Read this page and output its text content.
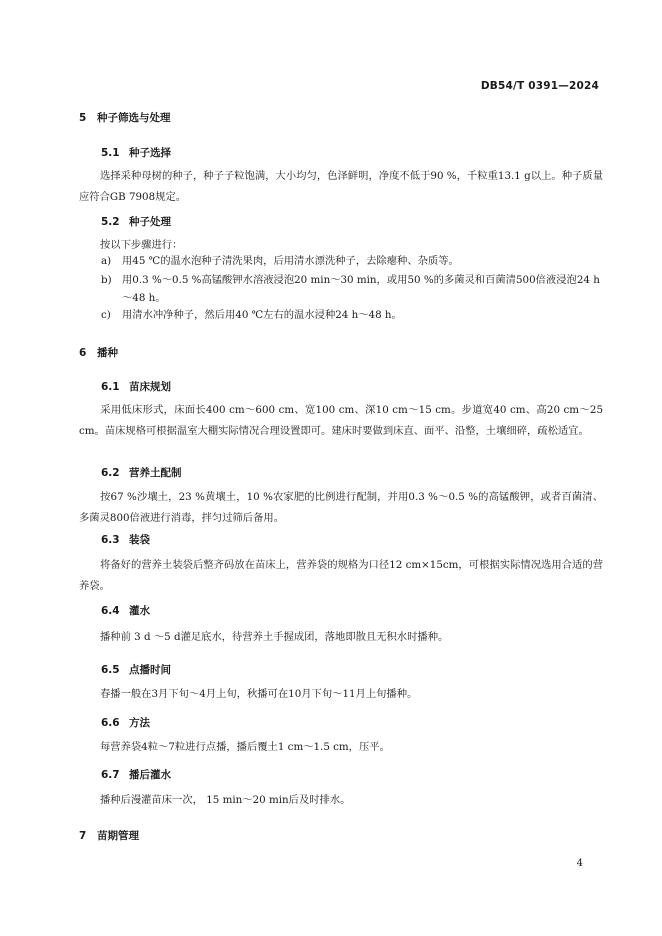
DB54/T 0391—2024
5 种子筛选与处理
5.1 种子选择
选择采种母树的种子，种子子粒饱满，大小均匀，色泽鲜明，净度不低于90 %，千粒重13.1 g以上。种子质量应符合GB 7908规定。
5.2 种子处理
按以下步骤进行：
a) 用45 ℃的温水泡种子清洗果肉，后用清水漂洗种子，去除瘪种、杂质等。
b) 用0.3 %～0.5 %高锰酸钾水溶液浸泡20 min～30 min，或用50 %的多菌灵和百菌清500倍液浸泡24 h～48 h。
c) 用清水冲净种子，然后用40 ℃左右的温水浸种24 h～48 h。
6 播种
6.1 苗床规划
采用低床形式，床面长400 cm～600 cm、宽100 cm、深10 cm～15 cm。步道宽40 cm、高20 cm～25 cm。苗床规格可根据温室大棚实际情况合理设置即可。建床时要做到床直、面平、沿整，土壤细碎，疏松适宜。
6.2 营养土配制
按67 %沙壤土，23 %黄壤土，10 %农家肥的比例进行配制，并用0.3 %～0.5 %的高锰酸钾，或者百菌清、多菌灵800倍液进行消毒，拌匀过筛后备用。
6.3 装袋
将备好的营养土装袋后整齐码放在苗床上，营养袋的规格为口径12 cm×15cm，可根据实际情况选用合适的营养袋。
6.4 灌水
播种前 3 d ～5 d灌足底水，待营养土手握成团，落地即散且无积水时播种。
6.5 点播时间
春播一般在3月下旬～4月上旬，秋播可在10月下旬～11月上旬播种。
6.6 方法
每营养袋4粒～7粒进行点播，播后覆土1 cm～1.5 cm，压平。
6.7 播后灌水
播种后漫灌苗床一次， 15 min～20 min后及时排水。
7 苗期管理
4
